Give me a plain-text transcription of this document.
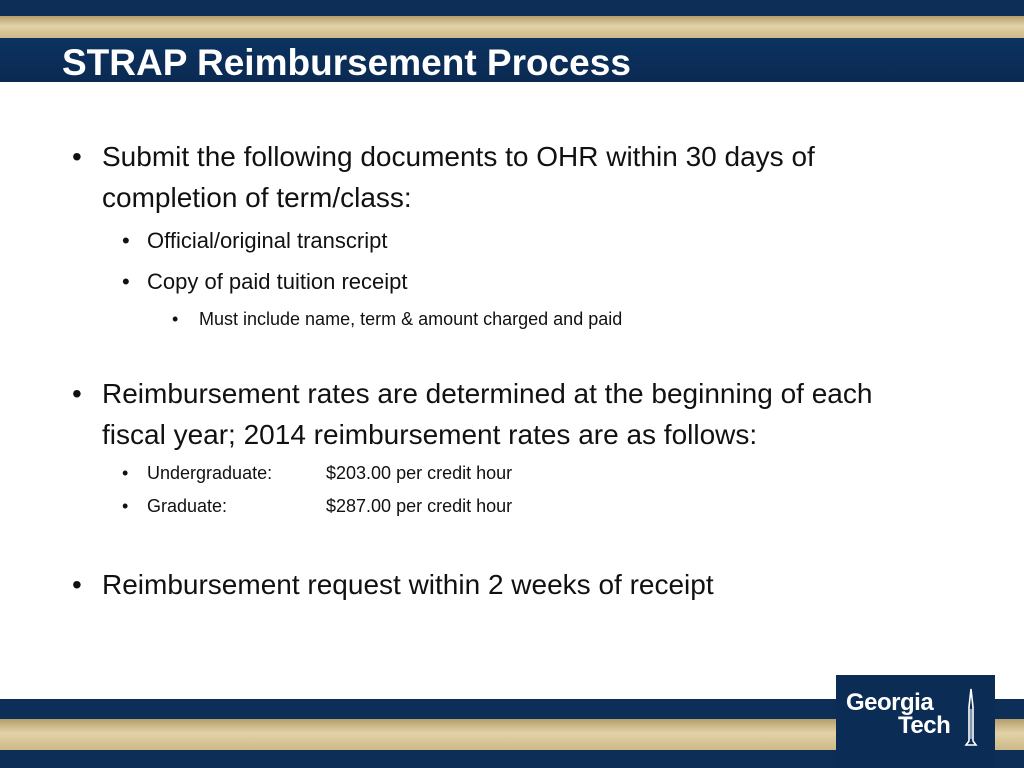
STRAP Reimbursement Process
• Submit the following documents to OHR within 30 days of
completion of term/class:
• Official/original transcript
• Copy of paid tuition receipt
•	Must include name, term & amount charged and paid
• Reimbursement rates are determined at the beginning of each
fiscal year; 2014 reimbursement rates are as follows:
•	Undergraduate:	$203.00 per credit hour
•	Graduate:	$287.00 per credit hour
• Reimbursement request within 2 weeks of receipt
Georgia
Tech
